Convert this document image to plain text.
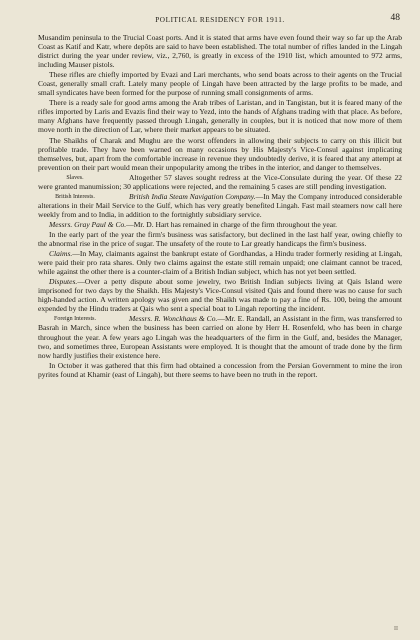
POLITICAL RESIDENCY FOR 1911.	48

Musandim peninsula to the Trucial Coast ports. And it is stated that arms have even found their way so far up the Arab Coast as Katif and Katr, where depôts are said to have been established. The total number of rifles landed in the Lingah district during the year under review, viz., 2,760, is greatly in excess of the 1910 list, which amounted to 972 arms, including Mauser pistols.

These rifles are chiefly imported by Evazi and Lari merchants, who send boats across to their agents on the Trucial Coast, generally small craft. Lately many people of Lingah have been attracted by the large profits to be made, and small syndicates have been formed for the purpose of running small consignments of arms.

There is a ready sale for good arms among the Arab tribes of Laristan, and in Tangistan, but it is feared many of the rifles imported by Laris and Evazis find their way to Yezd, into the hands of Afghans trading with that place. As before, many Afghans have frequently passed through Lingah, generally in couples, but it is noticed that now more of them move north in the direction of Lar, where their market appears to be situated.

The Shaikhs of Charak and Mughu are the worst offenders in allowing their subjects to carry on this illicit but profitable trade. They have been warned on many occasions by His Majesty's Vice-Consul against implicating themselves, but, apart from the comfortable increase in revenue they undoubtedly derive, it is feared that any attempt at prevention on their part would mean their unpopularity among the tribes in the interior, and danger to themselves.

Slaves.	Altogether 57 slaves sought redress at the Vice-Consulate during the year. Of these 22 were granted manumission; 30 applications were rejected, and the remaining 5 cases are still pending investigation.

British Interests.	British India Steam Navigation Company.—In May the Company introduced considerable alterations in their Mail Service to the Gulf, which has very greatly benefited Lingah. Fast mail steamers now call here weekly from and to India, in addition to the fortnightly subsidiary service.

Messrs. Gray Paul & Co.—Mr. D. Hart has remained in charge of the firm throughout the year.

In the early part of the year the firm's business was satisfactory, but declined in the last half year, owing chiefly to the abnormal rise in the price of sugar. The unsafety of the route to Lar greatly handicaps the firm's business.

Claims.—In May, claimants against the bankrupt estate of Gordhandas, a Hindu trader formerly residing at Lingah, were paid their pro rata shares. Only two claims against the estate still remain unpaid; one claimant cannot be traced, while against the other there is a counter-claim of a British Indian subject, which has not yet been settled.

Disputes.—Over a petty dispute about some jewelry, two British Indian subjects living at Qais Island were imprisoned for two days by the Shaikh. His Majesty's Vice-Consul visited Qais and found there was no cause for such high-handed action. A written apology was given and the Shaikh was made to pay a fine of Rs. 100, being the amount expended by the Hindu traders at Qais who sent a special boat to Lingah reporting the incident.

Foreign Interests.	Messrs. R. Wonckhaus & Co.—Mr. E. Randall, an Assistant in the firm, was transferred to Basrah in March, since when the business has been carried on alone by Herr H. Rosenfeld, who has been in charge throughout the year. A few years ago Lingah was the headquarters of the firm in the Gulf, and, besides the Manager, two, and sometimes three, European Assistants were employed. It is thought that the amount of trade done by the firm now hardly justifies their existence here.

In October it was gathered that this firm had obtained a concession from the Persian Government to mine the iron pyrites found at Khamir (east of Lingah), but there seems to have been no truth in the report.

II
